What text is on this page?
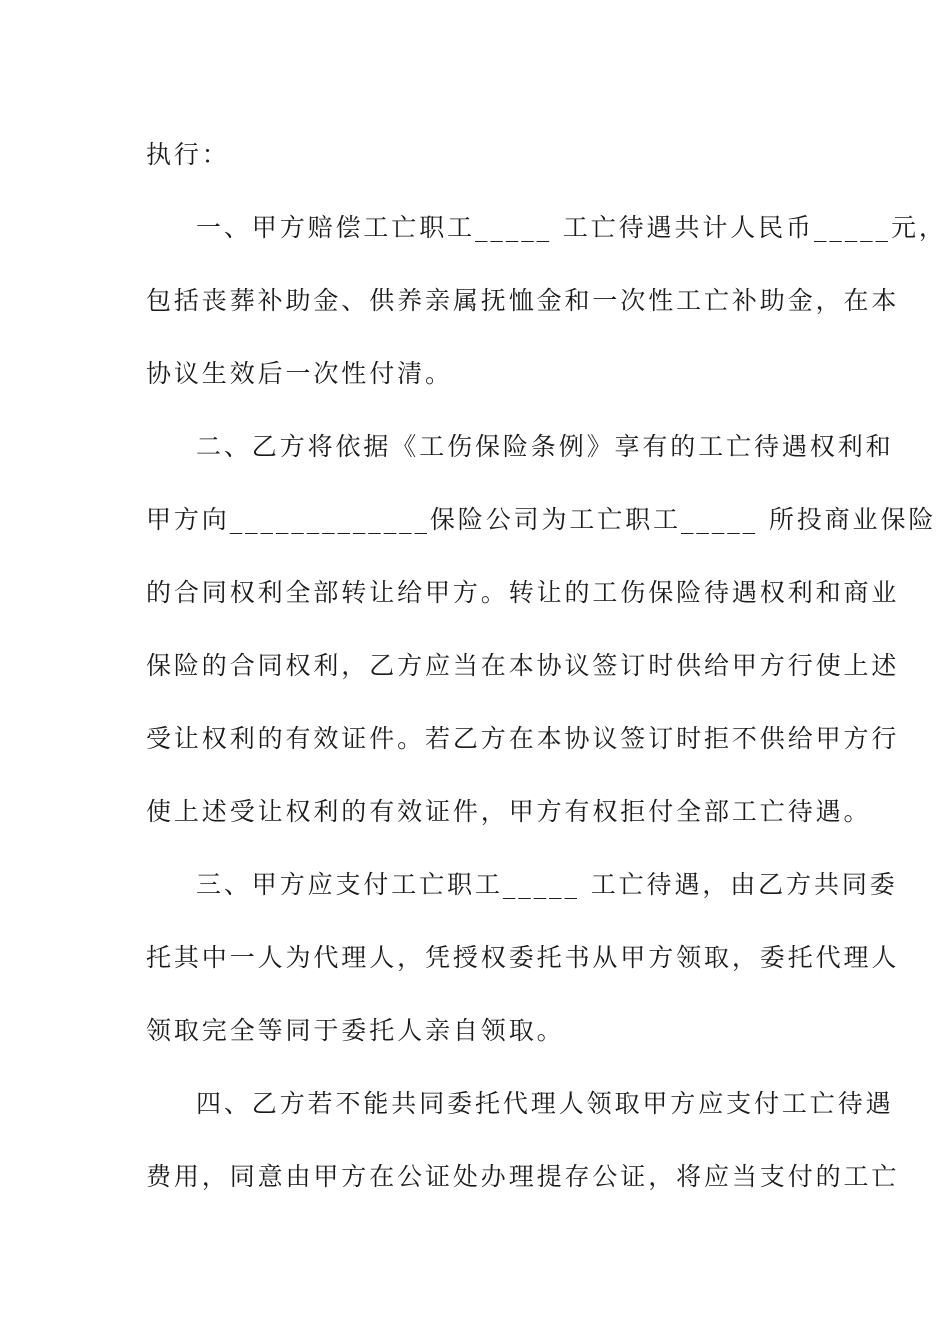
执行：
一、甲方赔偿工亡职工_____ 工亡待遇共计人民币_____元，
包括丧葬补助金、供养亲属抚恤金和一次性工亡补助金，在本
协议生效后一次性付清。
二、乙方将依据《工伤保险条例》享有的工亡待遇权利和
甲方向_____________保险公司为工亡职工_____ 所投商业保险
的合同权利全部转让给甲方。转让的工伤保险待遇权利和商业
保险的合同权利，乙方应当在本协议签订时供给甲方行使上述
受让权利的有效证件。若乙方在本协议签订时拒不供给甲方行
使上述受让权利的有效证件，甲方有权拒付全部工亡待遇。
三、甲方应支付工亡职工_____ 工亡待遇，由乙方共同委
托其中一人为代理人，凭授权委托书从甲方领取，委托代理人
领取完全等同于委托人亲自领取。
四、乙方若不能共同委托代理人领取甲方应支付工亡待遇
费用，同意由甲方在公证处办理提存公证，将应当支付的工亡
